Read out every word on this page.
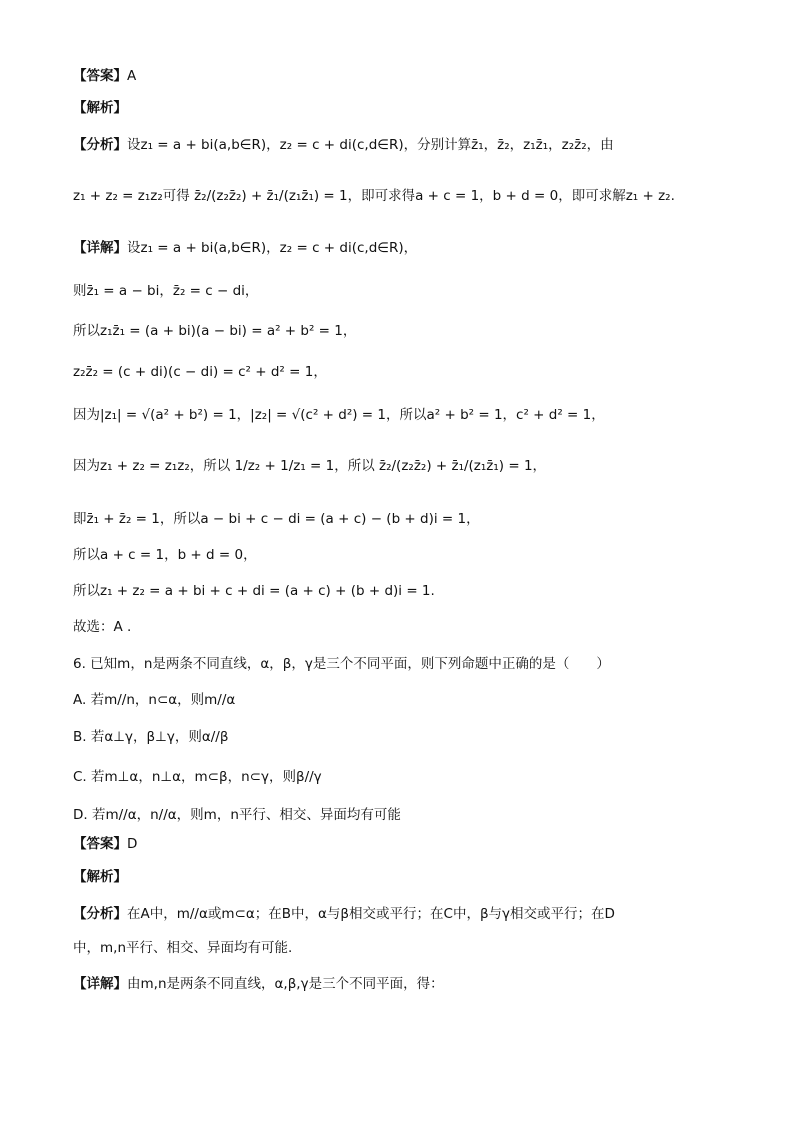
【答案】A
【解析】
【分析】设z₁ = a + bi(a,b∈R)，z₂ = c + di(c,d∈R)，分别计算z̄₁，z̄₂，z₁z̄₁，z₂z̄₂，由
z₁ + z₂ = z₁z₂可得 z̄₂/(z₂z̄₂) + z̄₁/(z₁z̄₁) = 1，即可求得a + c = 1，b + d = 0，即可求解z₁ + z₂.
【详解】设z₁ = a + bi(a,b∈R)，z₂ = c + di(c,d∈R)，
则z̄₁ = a − bi，z̄₂ = c − di，
所以z₁z̄₁ = (a + bi)(a − bi) = a² + b² = 1，
z₂z̄₂ = (c + di)(c − di) = c² + d² = 1，
因为|z₁| = √(a² + b²) = 1，|z₂| = √(c² + d²) = 1，所以a² + b² = 1，c² + d² = 1，
因为z₁ + z₂ = z₁z₂，所以 1/z₂ + 1/z₁ = 1，所以 z̄₂/(z₂z̄₂) + z̄₁/(z₁z̄₁) = 1，
即z̄₁ + z̄₂ = 1，所以a − bi + c − di = (a + c) − (b + d)i = 1，
所以a + c = 1，b + d = 0，
所以z₁ + z₂ = a + bi + c + di = (a + c) + (b + d)i = 1.
故选：A .
6. 已知m，n是两条不同直线，α，β，γ是三个不同平面，则下列命题中正确的是（　　）
A. 若m//n，n⊂α，则m//α
B. 若α⊥γ，β⊥γ，则α//β
C. 若m⊥α，n⊥α，m⊂β，n⊂γ，则β//γ
D. 若m//α，n//α，则m，n平行、相交、异面均有可能
【答案】D
【解析】
【分析】在A中，m//α或m⊂α；在B中，α与β相交或平行；在C中，β与γ相交或平行；在D
中，m,n平行、相交、异面均有可能.
【详解】由m,n是两条不同直线，α,β,γ是三个不同平面，得：
